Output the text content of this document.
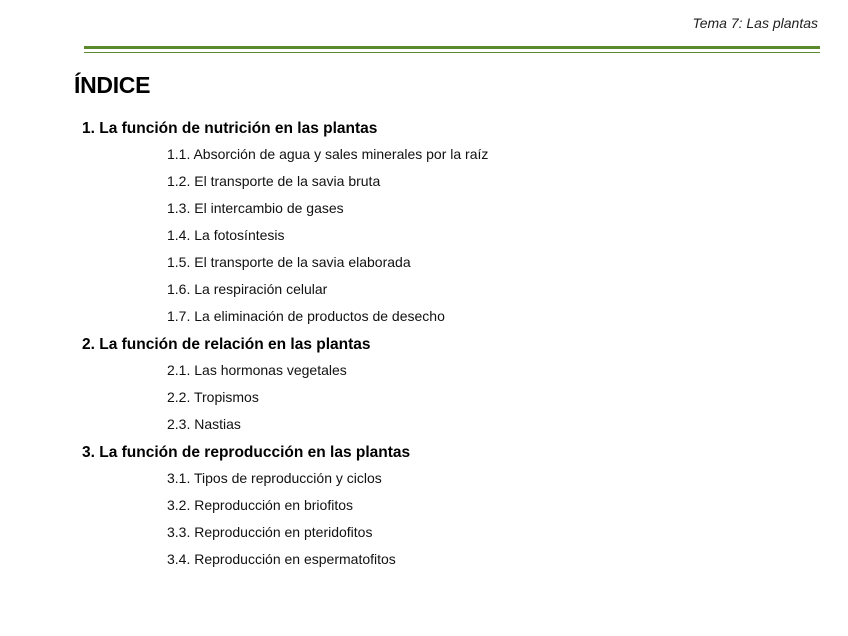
Tema 7: Las plantas
ÍNDICE
1. La función de nutrición en las plantas
1.1. Absorción de agua y sales minerales por la raíz
1.2. El transporte de la savia bruta
1.3. El intercambio de gases
1.4. La fotosíntesis
1.5. El transporte de la savia elaborada
1.6. La respiración celular
1.7. La eliminación de productos de desecho
2. La función de relación en las plantas
2.1. Las hormonas vegetales
2.2. Tropismos
2.3. Nastias
3. La función de reproducción en las plantas
3.1. Tipos de reproducción y ciclos
3.2. Reproducción en briofitos
3.3. Reproducción en pteridofitos
3.4. Reproducción en espermatofitos
